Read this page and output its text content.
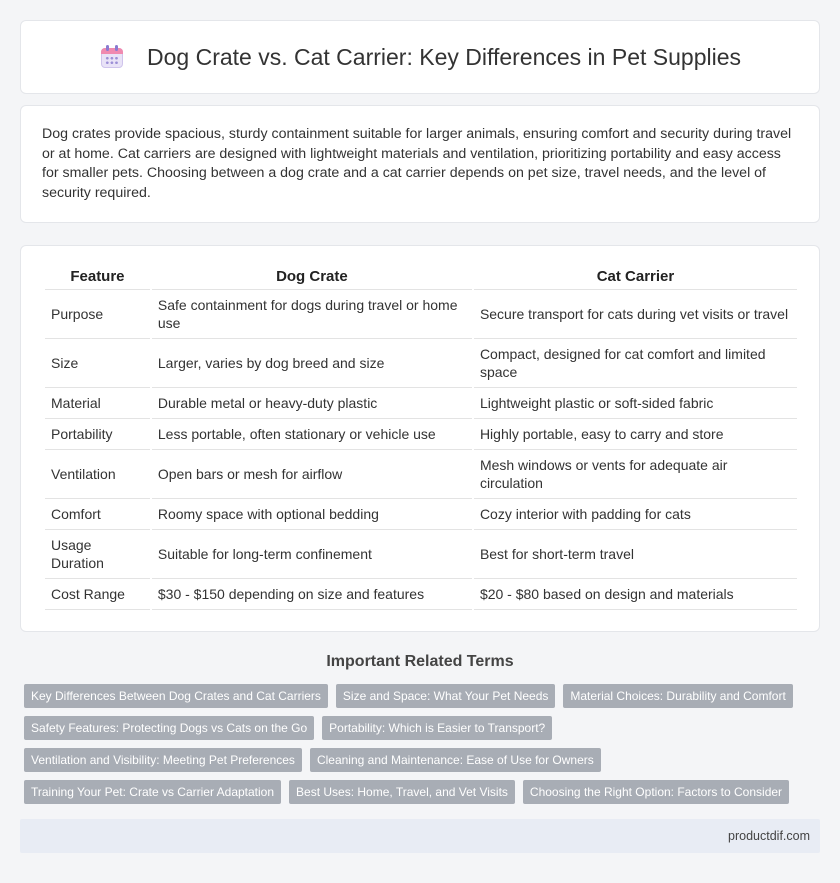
Dog Crate vs. Cat Carrier: Key Differences in Pet Supplies

Dog crates provide spacious, sturdy containment suitable for larger animals, ensuring comfort and security during travel or at home. Cat carriers are designed with lightweight materials and ventilation, prioritizing portability and easy access for smaller pets. Choosing between a dog crate and a cat carrier depends on pet size, travel needs, and the level of security required.

Feature	Dog Crate	Cat Carrier
Purpose	Safe containment for dogs during travel or home use	Secure transport for cats during vet visits or travel
Size	Larger, varies by dog breed and size	Compact, designed for cat comfort and limited space
Material	Durable metal or heavy-duty plastic	Lightweight plastic or soft-sided fabric
Portability	Less portable, often stationary or vehicle use	Highly portable, easy to carry and store
Ventilation	Open bars or mesh for airflow	Mesh windows or vents for adequate air circulation
Comfort	Roomy space with optional bedding	Cozy interior with padding for cats
Usage Duration	Suitable for long-term confinement	Best for short-term travel
Cost Range	$30 - $150 depending on size and features	$20 - $80 based on design and materials
Important Related Terms
Key Differences Between Dog Crates and Cat Carriers	Size and Space: What Your Pet Needs	Material Choices: Durability and Comfort
Safety Features: Protecting Dogs vs Cats on the Go	Portability: Which is Easier to Transport?
Ventilation and Visibility: Meeting Pet Preferences	Cleaning and Maintenance: Ease of Use for Owners
Training Your Pet: Crate vs Carrier Adaptation	Best Uses: Home, Travel, and Vet Visits	Choosing the Right Option: Factors to Consider
productdif.com
